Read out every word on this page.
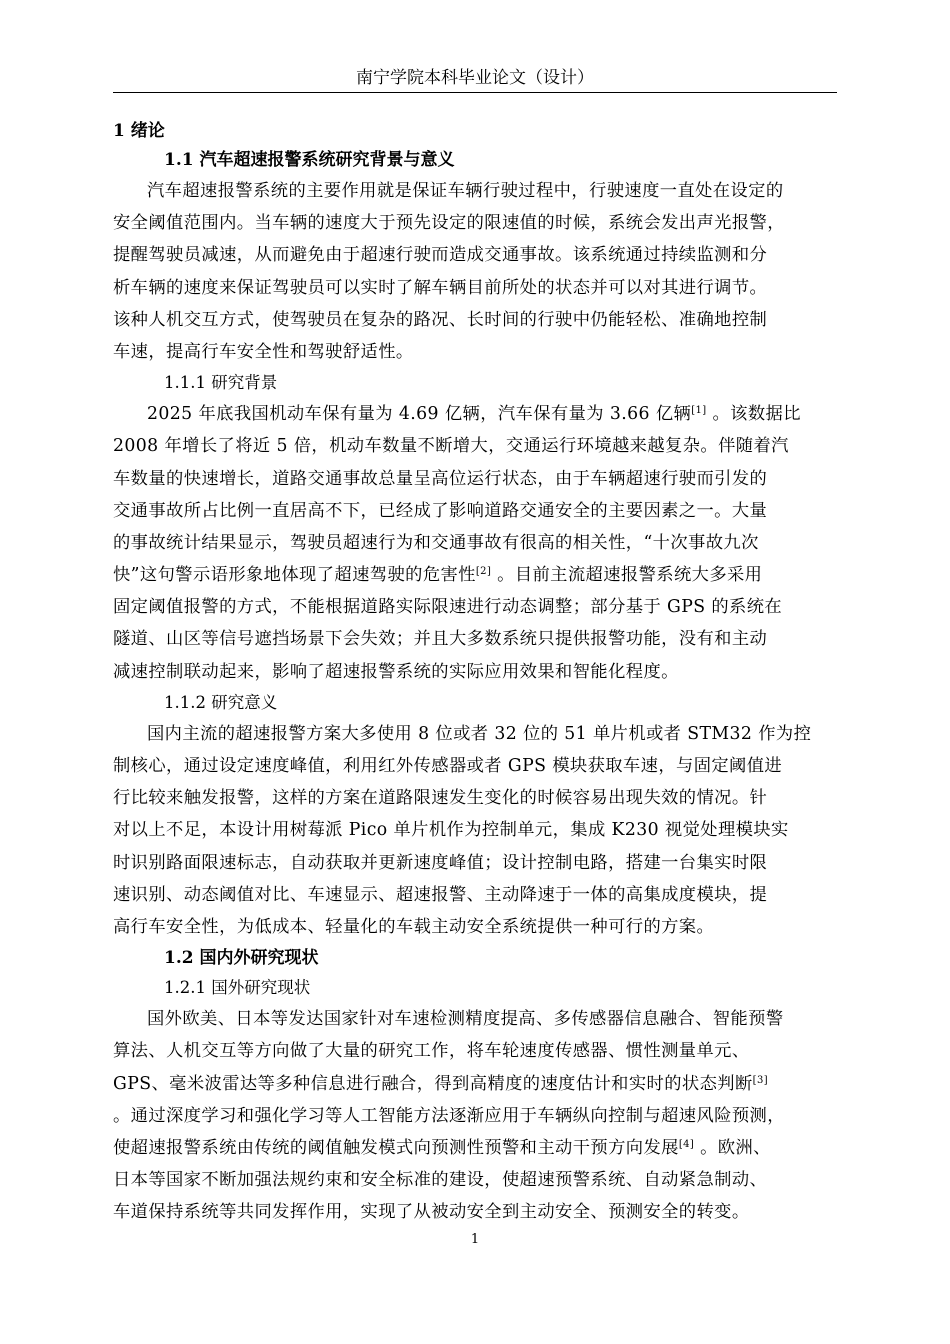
南宁学院本科毕业论文（设计）
1 绪论
1.1 汽车超速报警系统研究背景与意义
汽车超速报警系统的主要作用就是保证车辆行驶过程中，行驶速度一直处在设定的
安全阈值范围内。当车辆的速度大于预先设定的限速值的时候，系统会发出声光报警，
提醒驾驶员减速，从而避免由于超速行驶而造成交通事故。该系统通过持续监测和分
析车辆的速度来保证驾驶员可以实时了解车辆目前所处的状态并可以对其进行调节。
该种人机交互方式，使驾驶员在复杂的路况、长时间的行驶中仍能轻松、准确地控制
车速，提高行车安全性和驾驶舒适性。
1.1.1 研究背景
2025 年底我国机动车保有量为 4.69 亿辆，汽车保有量为 3.66 亿辆[1] 。该数据比
2008 年增长了将近 5 倍，机动车数量不断增大，交通运行环境越来越复杂。伴随着汽
车数量的快速增长，道路交通事故总量呈高位运行状态，由于车辆超速行驶而引发的
交通事故所占比例一直居高不下，已经成了影响道路交通安全的主要因素之一。大量
的事故统计结果显示，驾驶员超速行为和交通事故有很高的相关性，“十次事故九次
快”这句警示语形象地体现了超速驾驶的危害性[2] 。目前主流超速报警系统大多采用
固定阈值报警的方式，不能根据道路实际限速进行动态调整；部分基于 GPS 的系统在
隧道、山区等信号遮挡场景下会失效；并且大多数系统只提供报警功能，没有和主动
减速控制联动起来，影响了超速报警系统的实际应用效果和智能化程度。
1.1.2 研究意义
国内主流的超速报警方案大多使用 8 位或者 32 位的 51 单片机或者 STM32 作为控
制核心，通过设定速度峰值，利用红外传感器或者 GPS 模块获取车速，与固定阈值进
行比较来触发报警，这样的方案在道路限速发生变化的时候容易出现失效的情况。针
对以上不足，本设计用树莓派 Pico 单片机作为控制单元，集成 K230 视觉处理模块实
时识别路面限速标志，自动获取并更新速度峰值；设计控制电路，搭建一台集实时限
速识别、动态阈值对比、车速显示、超速报警、主动降速于一体的高集成度模块，提
高行车安全性，为低成本、轻量化的车载主动安全系统提供一种可行的方案。
1.2 国内外研究现状
1.2.1 国外研究现状
国外欧美、日本等发达国家针对车速检测精度提高、多传感器信息融合、智能预警
算法、人机交互等方向做了大量的研究工作，将车轮速度传感器、惯性测量单元、
GPS、毫米波雷达等多种信息进行融合，得到高精度的速度估计和实时的状态判断[3]
。通过深度学习和强化学习等人工智能方法逐渐应用于车辆纵向控制与超速风险预测，
使超速报警系统由传统的阈值触发模式向预测性预警和主动干预方向发展[4] 。欧洲、
日本等国家不断加强法规约束和安全标准的建设，使超速预警系统、自动紧急制动、
车道保持系统等共同发挥作用，实现了从被动安全到主动安全、预测安全的转变。
1
